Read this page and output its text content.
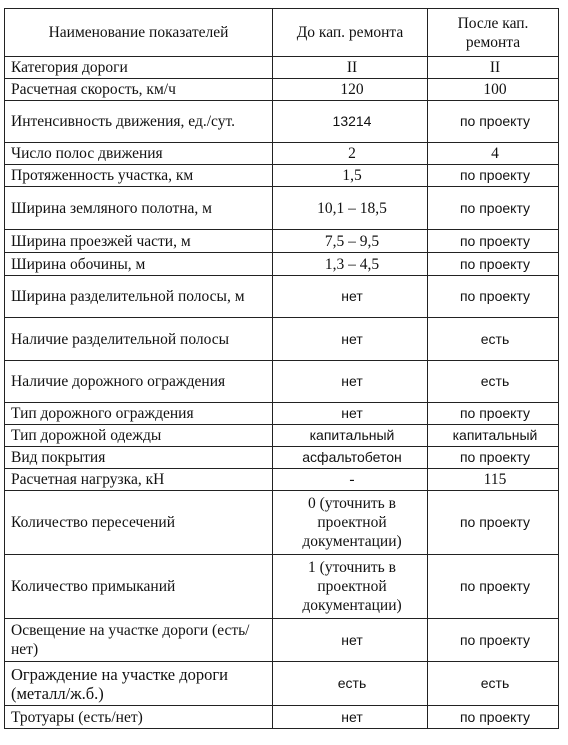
Наименование показателей	До кап. ремонта	После кап. ремонта
Категория дороги	II	II
Расчетная скорость, км/ч	120	100
Интенсивность движения, ед./сут.	13214	по проекту
Число полос движения	2	4
Протяженность участка, км	1,5	по проекту
Ширина земляного полотна, м	10,1 – 18,5	по проекту
Ширина проезжей части, м	7,5 – 9,5	по проекту
Ширина обочины, м	1,3 – 4,5	по проекту
Ширина разделительной полосы, м	нет	по проекту
Наличие разделительной полосы	нет	есть
Наличие дорожного ограждения	нет	есть
Тип дорожного ограждения	нет	по проекту
Тип дорожной одежды	капитальный	капитальный
Вид покрытия	асфальтобетон	по проекту
Расчетная нагрузка, кН	-	115
Количество пересечений	0 (уточнить в проектной документации)	по проекту
Количество примыканий	1 (уточнить в проектной документации)	по проекту
Освещение на участке дороги (есть/нет)	нет	по проекту
Ограждение на участке дороги (металл/ж.б.)	есть	есть
Тротуары (есть/нет)	нет	по проекту
